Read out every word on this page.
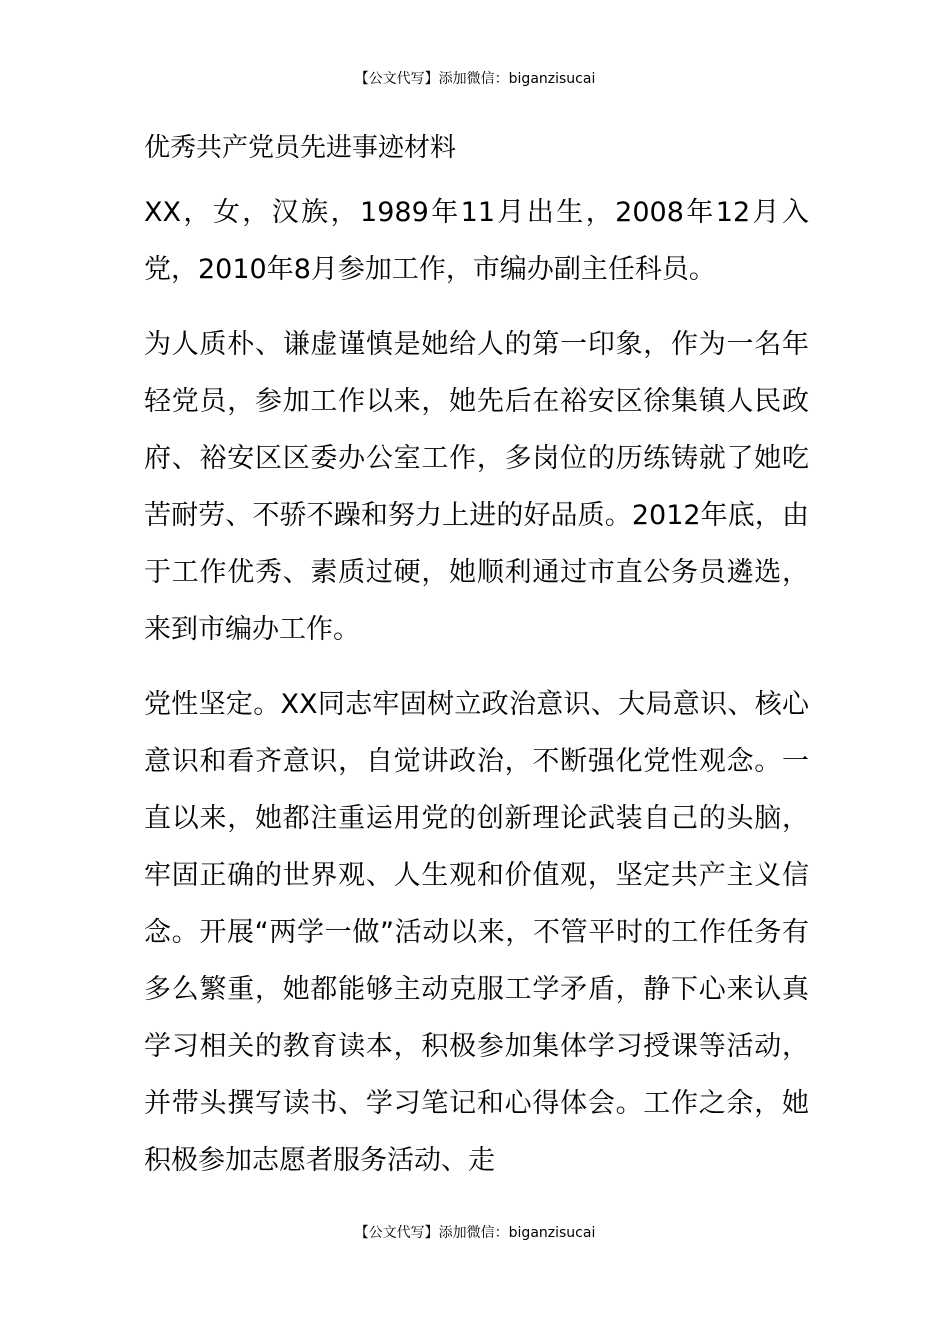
【公文代写】添加微信：biganzisucai
优秀共产党员先进事迹材料

XX，女，汉族，1989年11月出生，2008年12月入党，2010年8月参加工作，市编办副主任科员。

为人质朴、谦虚谨慎是她给人的第一印象，作为一名年轻党员，参加工作以来，她先后在裕安区徐集镇人民政府、裕安区区委办公室工作，多岗位的历练铸就了她吃苦耐劳、不骄不躁和努力上进的好品质。2012年底，由于工作优秀、素质过硬，她顺利通过市直公务员遴选，来到市编办工作。

党性坚定。XX同志牢固树立政治意识、大局意识、核心意识和看齐意识，自觉讲政治，不断强化党性观念。一直以来，她都注重运用党的创新理论武装自己的头脑，牢固正确的世界观、人生观和价值观，坚定共产主义信念。开展“两学一做”活动以来，不管平时的工作任务有多么繁重，她都能够主动克服工学矛盾，静下心来认真学习相关的教育读本，积极参加集体学习授课等活动，并带头撰写读书、学习笔记和心得体会。工作之余，她积极参加志愿者服务活动、走

【公文代写】添加微信：biganzisucai
